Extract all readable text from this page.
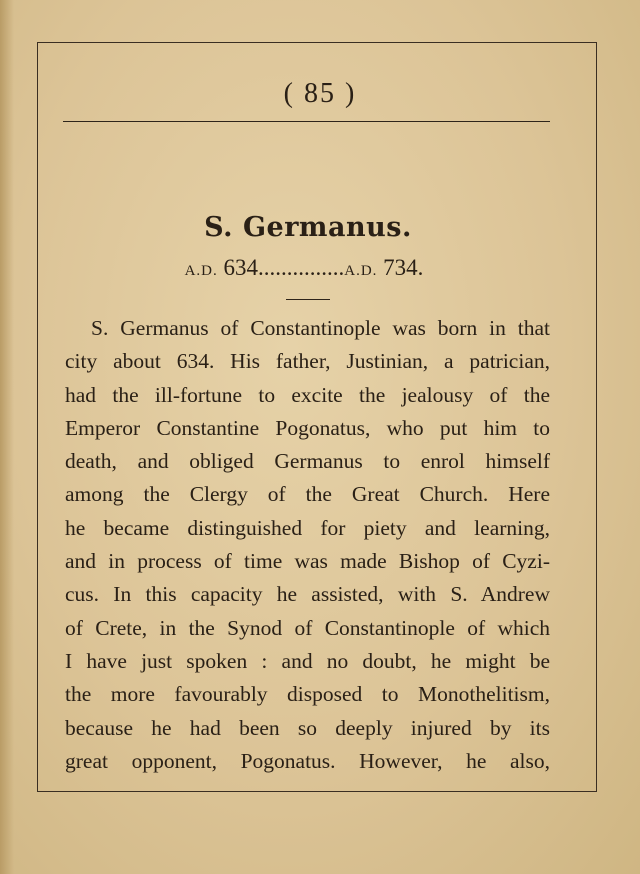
( 85 )
S. Germanus.
A.D. 634...............A.D. 734.
S. Germanus of Constantinople was born in that
city about 634. His father, Justinian, a patrician,
had the ill-fortune to excite the jealousy of the
Emperor Constantine Pogonatus, who put him to
death, and obliged Germanus to enrol himself
among the Clergy of the Great Church. Here
he became distinguished for piety and learning,
and in process of time was made Bishop of Cyzi-
cus. In this capacity he assisted, with S. Andrew
of Crete, in the Synod of Constantinople of which
I have just spoken : and no doubt, he might be
the more favourably disposed to Monothelitism,
because he had been so deeply injured by its
great opponent, Pogonatus. However, he also,
